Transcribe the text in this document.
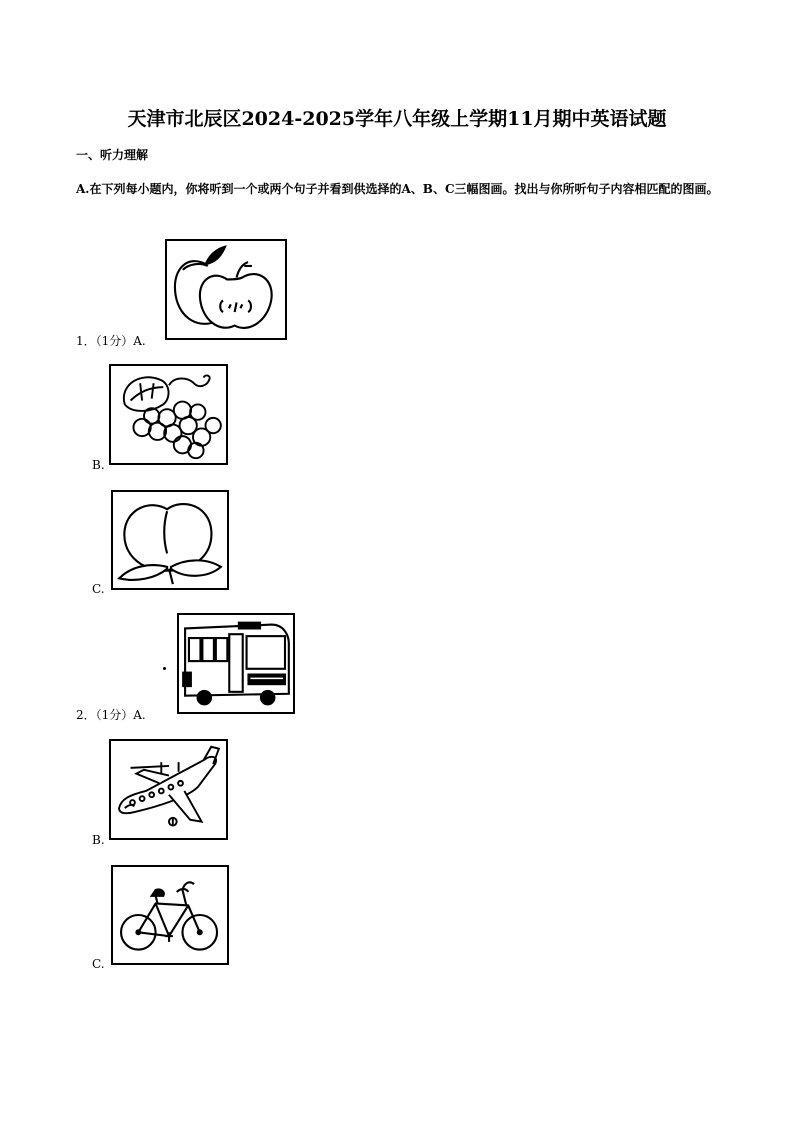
天津市北辰区2024-2025学年八年级上学期11月期中英语试题
一、听力理解
A.在下列每小题内，你将听到一个或两个句子并看到供选择的A、B、C三幅图画。找出与你所听句子内容相匹配的图画。
1．（1分）A.
B.
C.
2．（1分）A.
B.
C.
